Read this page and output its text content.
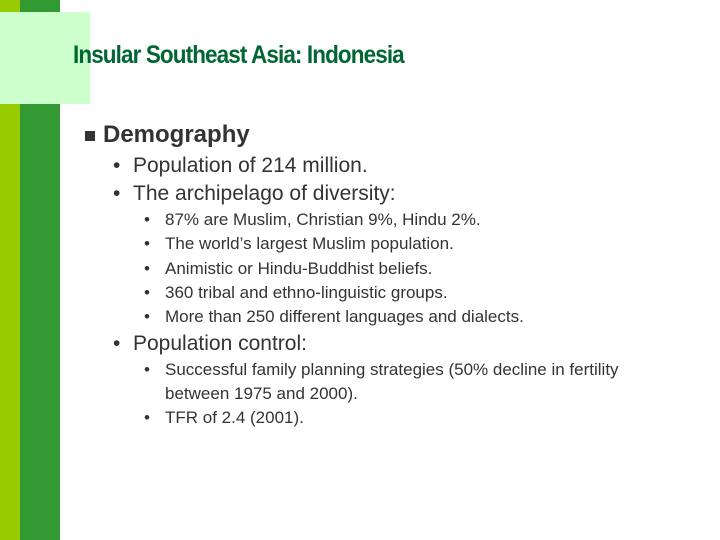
Insular Southeast Asia: Indonesia
Demography
• Population of 214 million.
• The archipelago of diversity:
• 87% are Muslim, Christian 9%, Hindu 2%.
• The world’s largest Muslim population.
• Animistic or Hindu-Buddhist beliefs.
• 360 tribal and ethno-linguistic groups.
• More than 250 different languages and dialects.
• Population control:
• Successful family planning strategies (50% decline in fertility
between 1975 and 2000).
• TFR of 2.4 (2001).
